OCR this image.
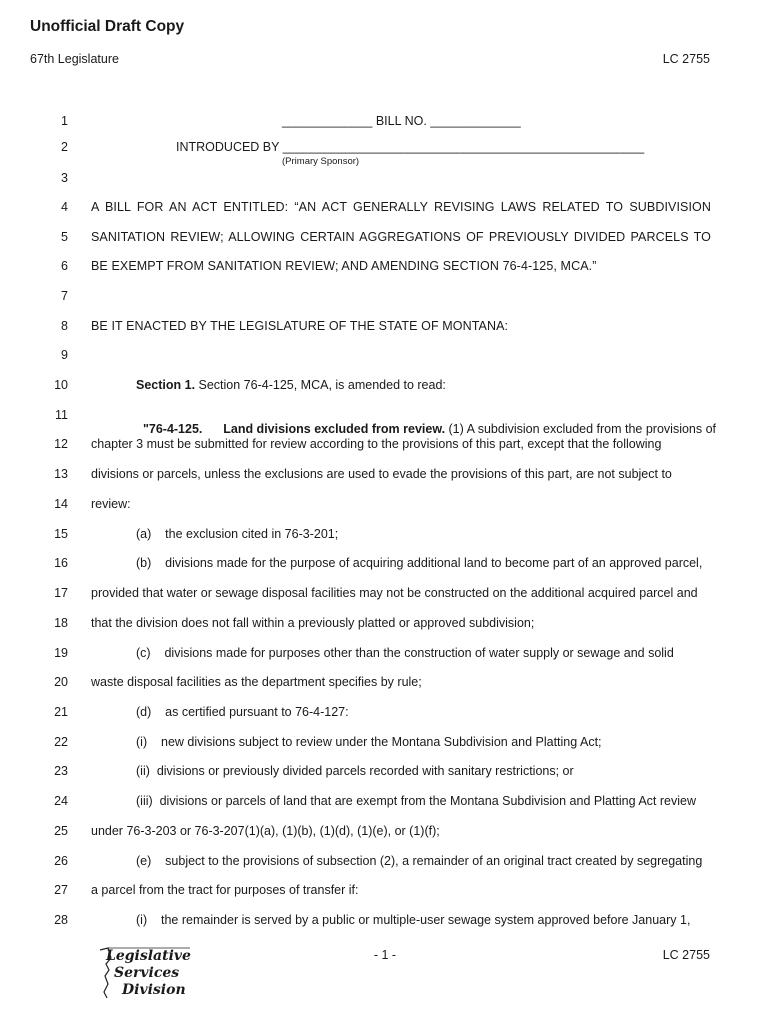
Unofficial Draft Copy
67th Legislature	LC 2755
1	_____________ BILL NO. _____________
2	INTRODUCED BY ____________________________________________________
(Primary Sponsor)
3
4 A BILL FOR AN ACT ENTITLED: “AN ACT GENERALLY REVISING LAWS RELATED TO SUBDIVISION
5 SANITATION REVIEW; ALLOWING CERTAIN AGGREGATIONS OF PREVIOUSLY DIVIDED PARCELS TO
6 BE EXEMPT FROM SANITATION REVIEW; AND AMENDING SECTION 76-4-125, MCA.”
7
8 BE IT ENACTED BY THE LEGISLATURE OF THE STATE OF MONTANA:
9
10	Section 1. Section 76-4-125, MCA, is amended to read:
11

"76-4-125.      Land divisions excluded from review. (1) A subdivision excluded from the provisions of

12 chapter 3 must be submitted for review according to the provisions of this part, except that the following
13 divisions or parcels, unless the exclusions are used to evade the provisions of this part, are not subject to
14 review:
15	(a)    the exclusion cited in 76-3-201;
16	(b)    divisions made for the purpose of acquiring additional land to become part of an approved parcel,
17 provided that water or sewage disposal facilities may not be constructed on the additional acquired parcel and
18 that the division does not fall within a previously platted or approved subdivision;
19	(c)    divisions made for purposes other than the construction of water supply or sewage and solid
20 waste disposal facilities as the department specifies by rule;
21	(d)    as certified pursuant to 76-4-127:
22	(i)    new divisions subject to review under the Montana Subdivision and Platting Act;
23	(ii)  divisions or previously divided parcels recorded with sanitary restrictions; or
24	(iii)  divisions or parcels of land that are exempt from the Montana Subdivision and Platting Act review
25 under 76-3-203 or 76-3-207(1)(a), (1)(b), (1)(d), (1)(e), or (1)(f);
26	(e)    subject to the provisions of subsection (2), a remainder of an original tract created by segregating
27 a parcel from the tract for purposes of transfer if:
28	(i)    the remainder is served by a public or multiple-user sewage system approved before January 1,
Legislative
Services
Division
- 1 -	LC 2755
